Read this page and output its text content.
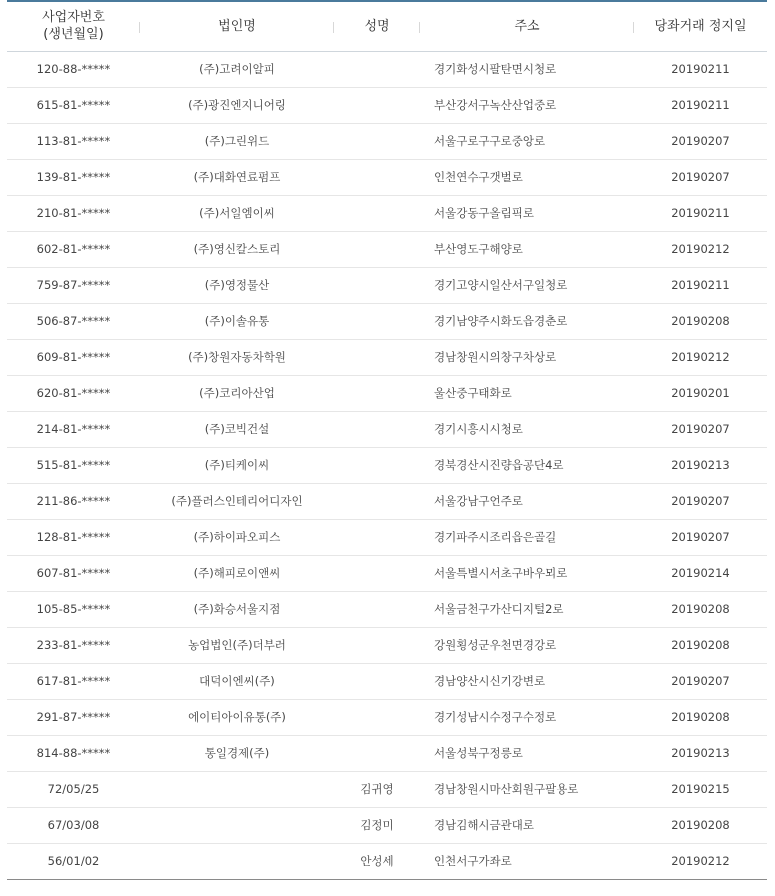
사업자번호
(생년월일)	법인명	성명	주소	당좌거래 정지일
120-88-*****	(주)고려이알피		경기화성시팔탄면시청로	20190211
615-81-*****	(주)광진엔지니어링		부산강서구녹산산업중로	20190211
113-81-*****	(주)그린위드		서울구로구구로중앙로	20190207
139-81-*****	(주)대화연료펌프		인천연수구갯벌로	20190207
210-81-*****	(주)서일엠이씨		서울강동구올림픽로	20190211
602-81-*****	(주)영신칼스토리		부산영도구해양로	20190212
759-87-*****	(주)영정물산		경기고양시일산서구일청로	20190211
506-87-*****	(주)이솔유통		경기남양주시화도읍경춘로	20190208
609-81-*****	(주)창원자동차학원		경남창원시의창구차상로	20190212
620-81-*****	(주)코리아산업		울산중구태화로	20190201
214-81-*****	(주)코빅건설		경기시흥시시청로	20190207
515-81-*****	(주)티케이씨		경북경산시진량읍공단4로	20190213
211-86-*****	(주)플러스인테리어디자인		서울강남구언주로	20190207
128-81-*****	(주)하이파오피스		경기파주시조리읍은골길	20190207
607-81-*****	(주)해피로이앤씨		서울특별시서초구바우뫼로	20190214
105-85-*****	(주)화승서울지점		서울금천구가산디지털2로	20190208
233-81-*****	농업법인(주)더부러		강원횡성군우천면경강로	20190208
617-81-*****	대덕이엔씨(주)		경남양산시신기강변로	20190207
291-87-*****	에이티아이유통(주)		경기성남시수정구수정로	20190208
814-88-*****	통일경제(주)		서울성북구정릉로	20190213
72/05/25		김귀영	경남창원시마산회원구팔용로	20190215
67/03/08		김정미	경남김해시금관대로	20190208
56/01/02		안성세	인천서구가좌로	20190212
